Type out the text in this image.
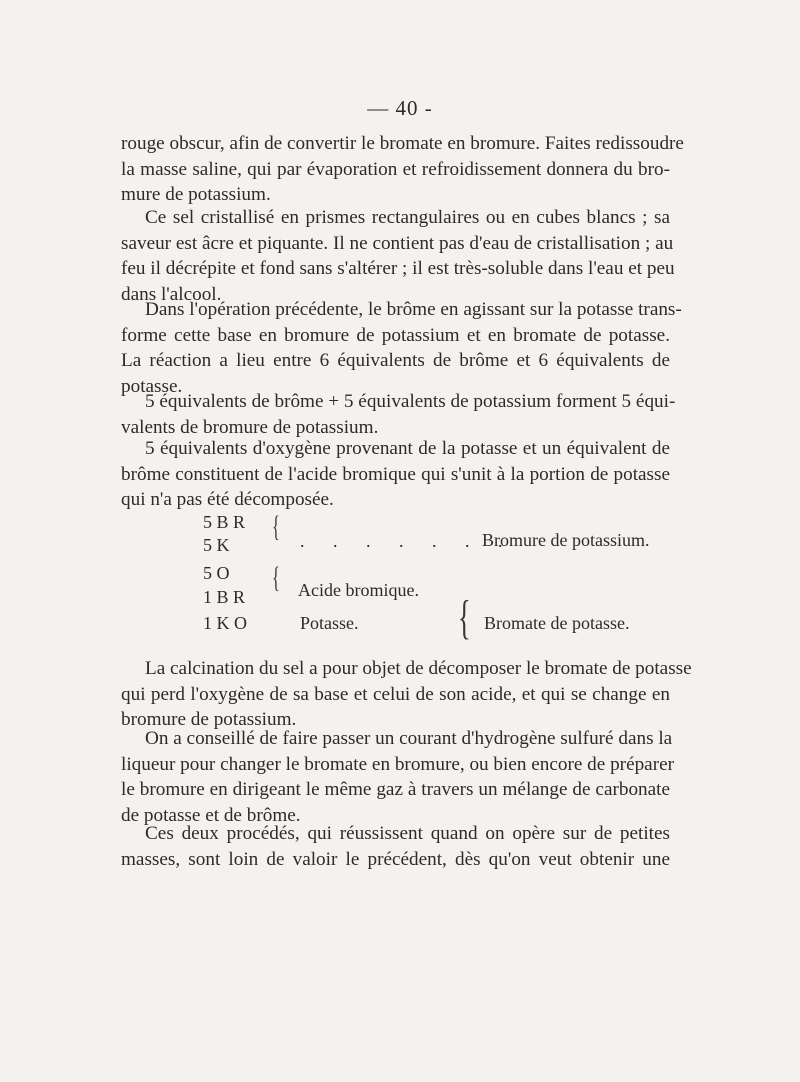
— 40 -
rouge obscur, afin de convertir le bromate en bromure. Faites redissoudre
la masse saline, qui par évaporation et refroidissement donnera du bro-
mure de potassium.
Ce sel cristallisé en prismes rectangulaires ou en cubes blancs ; sa
saveur est âcre et piquante. Il ne contient pas d'eau de cristallisation ; au
feu il décrépite et fond sans s'altérer ; il est très-soluble dans l'eau et peu
dans l'alcool.
Dans l'opération précédente, le brôme en agissant sur la potasse trans-
forme cette base en bromure de potassium et en bromate de potasse.
La réaction a lieu entre 6 équivalents de brôme et 6 équivalents de
potasse.
5 équivalents de brôme + 5 équivalents de potassium forment 5 équi-
valents de bromure de potassium.
5 équivalents d'oxygène provenant de la potasse et un équivalent de
brôme constituent de l'acide bromique qui s'unit à la portion de potasse
qui n'a pas été décomposée.
5 B R
5 K
{ . . . . . . .
Bromure de potassium.
5 O
1 B R
{ Acide bromique.
1 K O	Potasse. { Bromate de potasse.
La calcination du sel a pour objet de décomposer le bromate de potasse
qui perd l'oxygène de sa base et celui de son acide, et qui se change en
bromure de potassium.
On a conseillé de faire passer un courant d'hydrogène sulfuré dans la
liqueur pour changer le bromate en bromure, ou bien encore de préparer
le bromure en dirigeant le même gaz à travers un mélange de carbonate
de potasse et de brôme.
Ces deux procédés, qui réussissent quand on opère sur de petites
masses, sont loin de valoir le précédent, dès qu'on veut obtenir une
